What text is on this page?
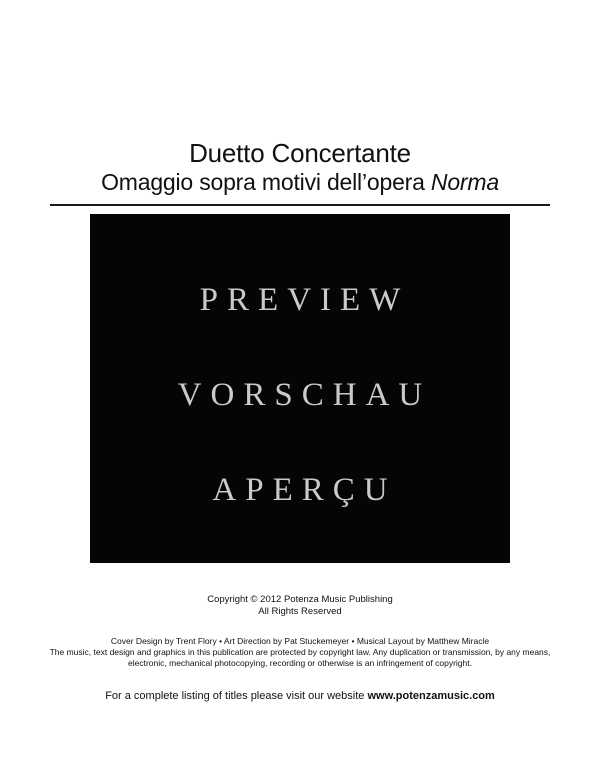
Duetto Concertante
Omaggio sopra motivi dell’opera Norma
PREVIEW
VORSCHAU
APERÇU
Copyright © 2012 Potenza Music Publishing
All Rights Reserved
Cover Design by Trent Flory • Art Direction by Pat Stuckemeyer • Musical Layout by Matthew Miracle
The music, text design and graphics in this publication are protected by copyright law. Any duplication or transmission, by any means, electronic, mechanical photocopying, recording or otherwise is an infringement of copyright.
For a complete listing of titles please visit our website www.potenzamusic.com
